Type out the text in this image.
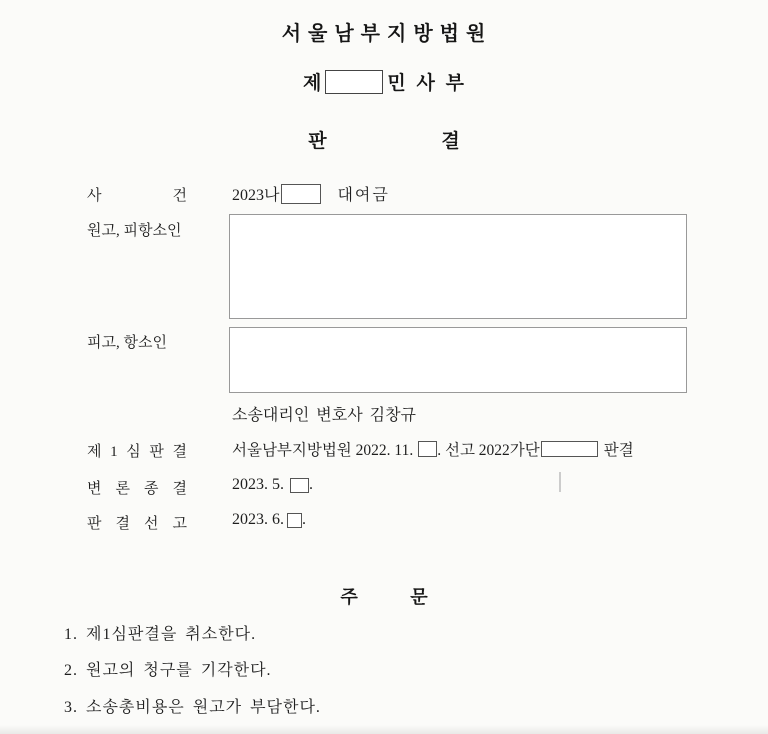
서 울 남 부 지 방 법 원
제	민 사 부
판 결
사 건	2023나	대여금
원고, 피항소인
피고, 항소인
소송대리인 변호사 김창규
제 1 심 판 결	서울남부지방법원 2022. 11. . 선고 2022가단	판결
변 론 종 결	2023. 5. .
판 결 선 고	2023. 6. .
주 문
1. 제1심판결을 취소한다.
2. 원고의 청구를 기각한다.
3. 소송총비용은 원고가 부담한다.
